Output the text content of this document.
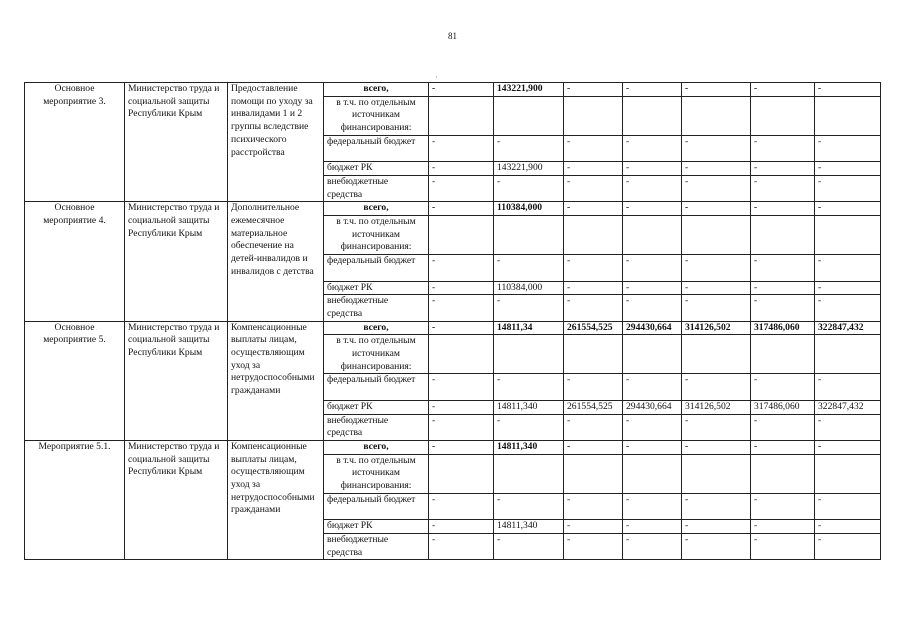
81
·
Основное мероприятие 3.	Министерство труда и социальной защиты Республики Крым	Предоставление помощи по уходу за инвалидами 1 и 2 группы вследствие психического расстройства	всего,	-	143221,900	-	-	-	-	-
			в т.ч. по отдельным источникам финансирования:							
			федеральный бюджет	-	-	-	-	-	-	-
			бюджет РК	-	143221,900	-	-	-	-	-
			внебюджетные средства	-	-	-	-	-	-	-
Основное мероприятие 4.	Министерство труда и социальной защиты Республики Крым	Дополнительное ежемесячное материальное обеспечение на детей-инвалидов и инвалидов с детства	всего,	-	110384,000	-	-	-	-	-
			в т.ч. по отдельным источникам финансирования:							
			федеральный бюджет	-	-	-	-	-	-	-
			бюджет РК	-	110384,000	-	-	-	-	-
			внебюджетные средства	-	-	-	-	-	-	-
Основное мероприятие 5.	Министерство труда и социальной защиты Республики Крым	Компенсационные выплаты лицам, осуществляющим уход за нетрудоспособными гражданами	всего,	-	14811,34	261554,525	294430,664	314126,502	317486,060	322847,432
			в т.ч. по отдельным источникам финансирования:							
			федеральный бюджет	-	-	-	-	-	-	-
			бюджет РК	-	14811,340	261554,525	294430,664	314126,502	317486,060	322847,432
			внебюджетные средства	-	-	-	-	-	-	-
Мероприятие 5.1.	Министерство труда и социальной защиты Республики Крым	Компенсационные выплаты лицам, осуществляющим уход за нетрудоспособными гражданами	всего,	-	14811,340	-	-	-	-	-
			в т.ч. по отдельным источникам финансирования:							
			федеральный бюджет	-	-	-	-	-	-	-
			бюджет РК	-	14811,340	-	-	-	-	-
			внебюджетные средства	-	-	-	-	-	-	-
